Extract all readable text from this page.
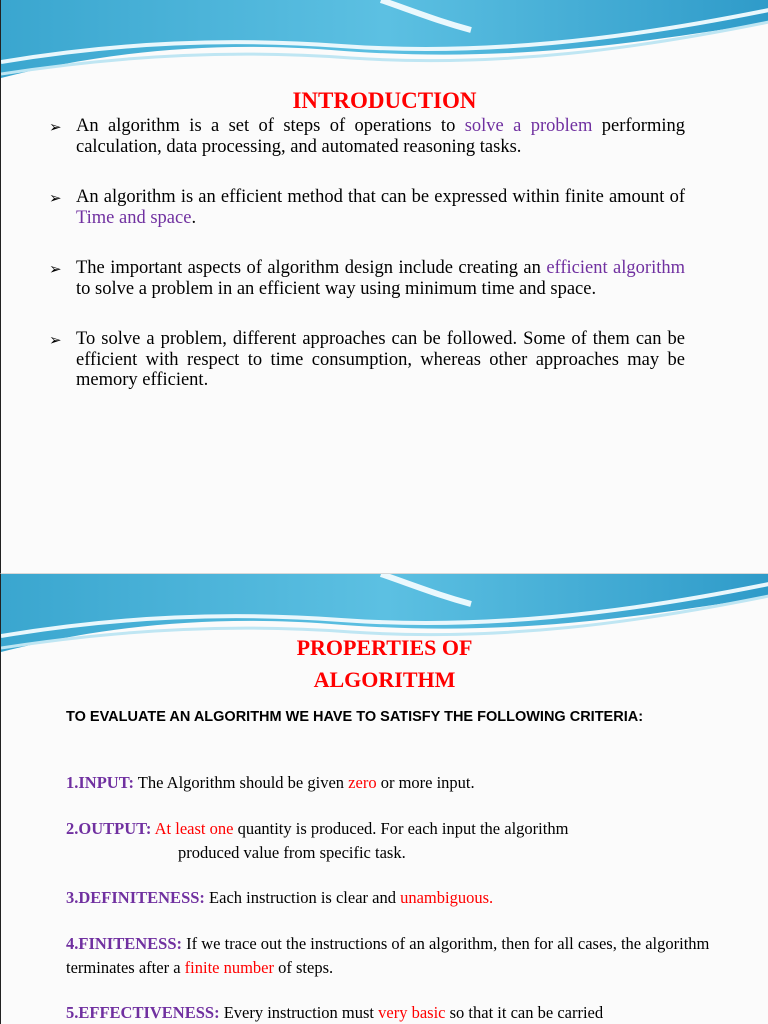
INTRODUCTION
➢ An algorithm is a set of steps of operations to solve a problem performing calculation, data processing, and automated reasoning tasks.
➢ An algorithm is an efficient method that can be expressed within finite amount of Time and space.
➢ The important aspects of algorithm design include creating an efficient algorithm to solve a problem in an efficient way using minimum time and space.
➢ To solve a problem, different approaches can be followed. Some of them can be efficient with respect to time consumption, whereas other approaches may be memory efficient.
PROPERTIES OF
ALGORITHM
TO EVALUATE AN ALGORITHM WE HAVE TO SATISFY THE FOLLOWING CRITERIA:

1.INPUT: The Algorithm should be given zero or more input.

2.OUTPUT: At least one quantity is produced. For each input the algorithm

produced value from specific task.

3.DEFINITENESS: Each instruction is clear and unambiguous.

4.FINITENESS: If we trace out the instructions of an algorithm, then for all cases, the algorithm terminates after a finite number of steps.

5.EFFECTIVENESS: Every instruction must very basic so that it can be carried
